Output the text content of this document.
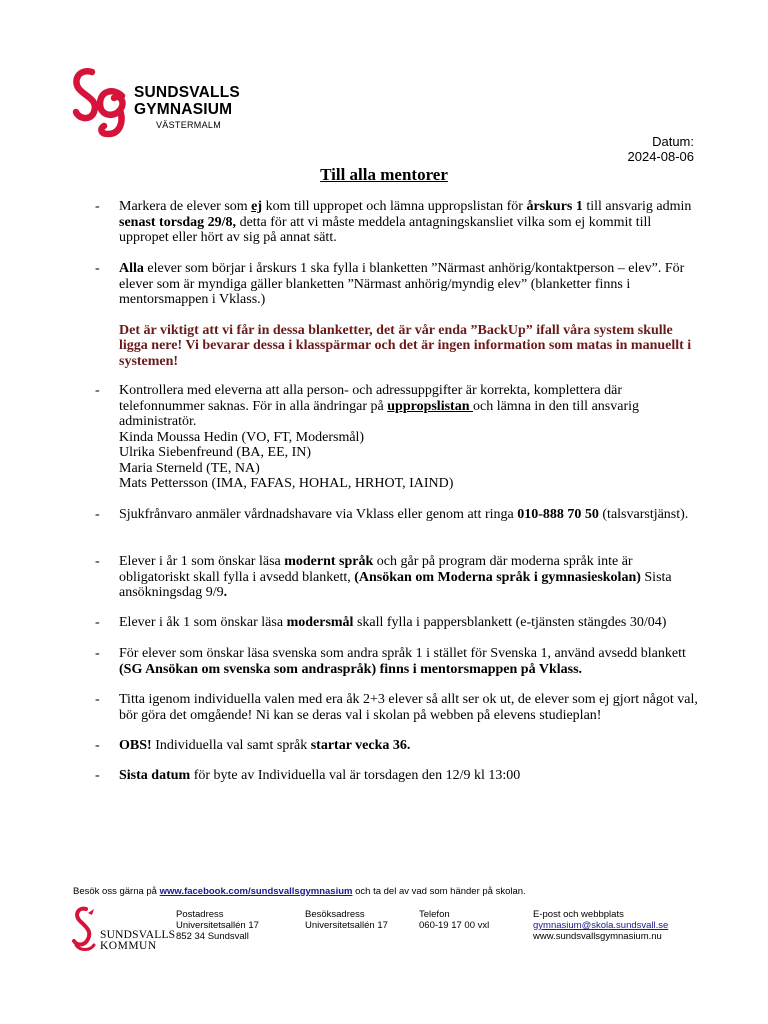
SUNDSVALLS
GYMNASIUM
VÄSTERMALM
Datum:
2024-08-06
Till alla mentorer
- Markera de elever som ej kom till uppropet och lämna uppropslistan för årskurs 1 till ansvarig admin senast torsdag 29/8, detta för att vi måste meddela antagningskansliet vilka som ej kommit till uppropet eller hört av sig på annat sätt.
- Alla elever som börjar i årskurs 1 ska fylla i blanketten ”Närmast anhörig/kontaktperson – elev”. För elever som är myndiga gäller blanketten ”Närmast anhörig/myndig elev” (blanketter finns i mentorsmappen i Vklass.)
Det är viktigt att vi får in dessa blanketter, det är vår enda ”BackUp” ifall våra system skulle ligga nere! Vi bevarar dessa i klasspärmar och det är ingen information som matas in manuellt i systemen!
- Kontrollera med eleverna att alla person- och adressuppgifter är korrekta, komplettera där telefonnummer saknas. För in alla ändringar på uppropslistan och lämna in den till ansvarig administratör.
Kinda Moussa Hedin (VO, FT, Modersmål)
Ulrika Siebenfreund (BA, EE, IN)
Maria Sterneld (TE, NA)
Mats Pettersson (IMA, FAFAS, HOHAL, HRHOT, IAIND)
- Sjukfrånvaro anmäler vårdnadshavare via Vklass eller genom att ringa 010-888 70 50 (talsvarstjänst).
- Elever i år 1 som önskar läsa modernt språk och går på program där moderna språk inte är obligatoriskt skall fylla i avsedd blankett, (Ansökan om Moderna språk i gymnasieskolan) Sista ansökningsdag 9/9.
- Elever i åk 1 som önskar läsa modersmål skall fylla i pappersblankett (e-tjänsten stängdes 30/04)
- För elever som önskar läsa svenska som andra språk 1 i stället för Svenska 1, använd avsedd blankett (SG Ansökan om svenska som andraspråk) finns i mentorsmappen på Vklass.
- Titta igenom individuella valen med era åk 2+3 elever så allt ser ok ut, de elever som ej gjort något val, bör göra det omgående! Ni kan se deras val i skolan på webben på elevens studieplan!
- OBS! Individuella val samt språk startar vecka 36.
- Sista datum för byte av Individuella val är torsdagen den 12/9 kl 13:00
Besök oss gärna på www.facebook.com/sundsvallsgymnasium och ta del av vad som händer på skolan.
SUNDSVALLS
KOMMUN
Postadress
Universitetsallén 17
852 34 Sundsvall
Besöksadress
Universitetsallén 17
Telefon
060-19 17 00 vxl
E-post och webbplats
gymnasium@skola.sundsvall.se
www.sundsvallsgymnasium.nu
